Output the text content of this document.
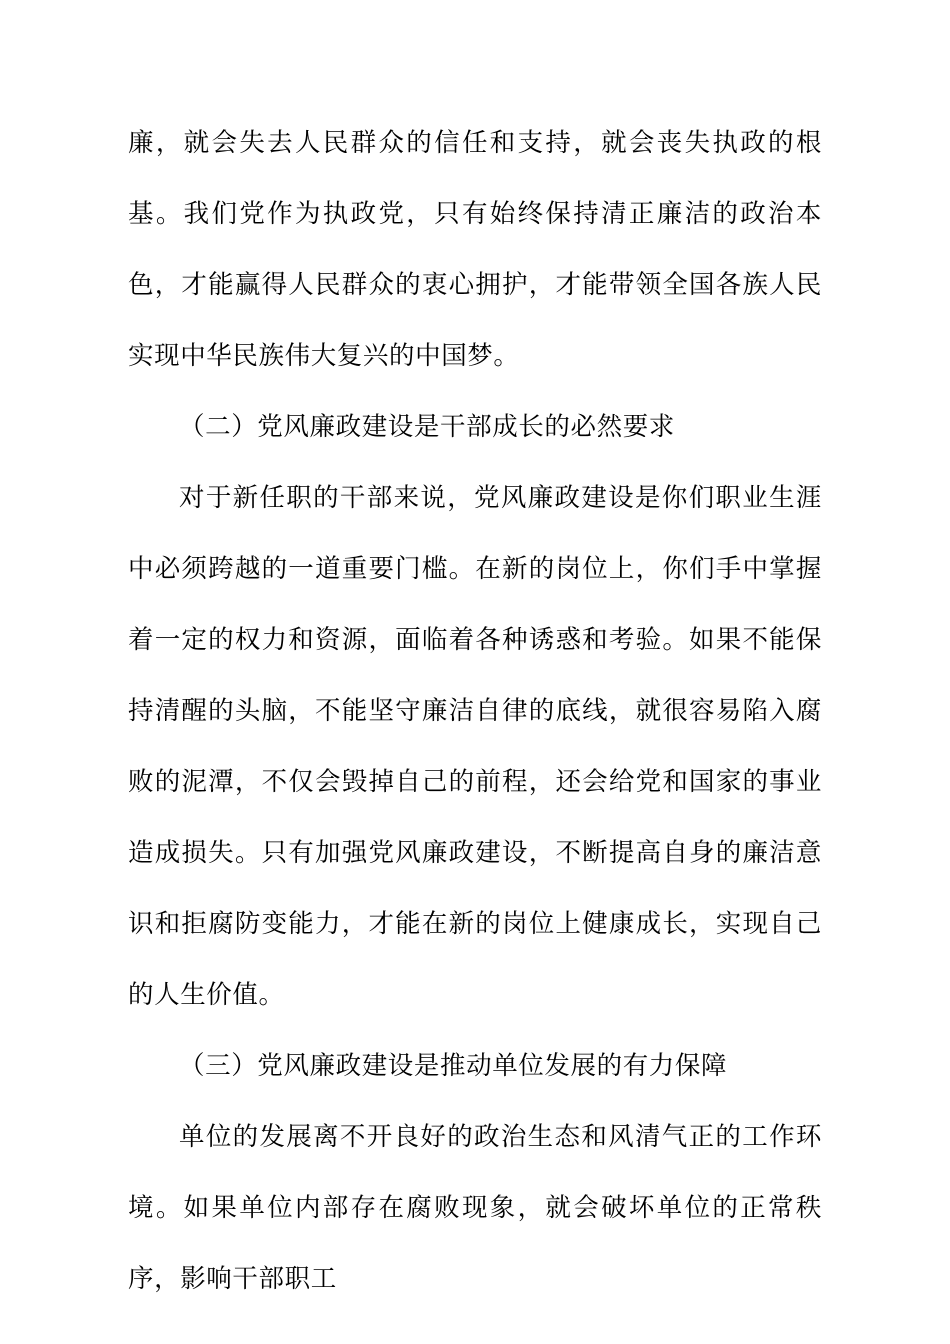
廉，就会失去人民群众的信任和支持，就会丧失执政的根基。我们党作为执政党，只有始终保持清正廉洁的政治本色，才能赢得人民群众的衷心拥护，才能带领全国各族人民实现中华民族伟大复兴的中国梦。

（二）党风廉政建设是干部成长的必然要求

对于新任职的干部来说，党风廉政建设是你们职业生涯中必须跨越的一道重要门槛。在新的岗位上，你们手中掌握着一定的权力和资源，面临着各种诱惑和考验。如果不能保持清醒的头脑，不能坚守廉洁自律的底线，就很容易陷入腐败的泥潭，不仅会毁掉自己的前程，还会给党和国家的事业造成损失。只有加强党风廉政建设，不断提高自身的廉洁意识和拒腐防变能力，才能在新的岗位上健康成长，实现自己的人生价值。

（三）党风廉政建设是推动单位发展的有力保障

单位的发展离不开良好的政治生态和风清气正的工作环境。如果单位内部存在腐败现象，就会破坏单位的正常秩序，影响干部职工
